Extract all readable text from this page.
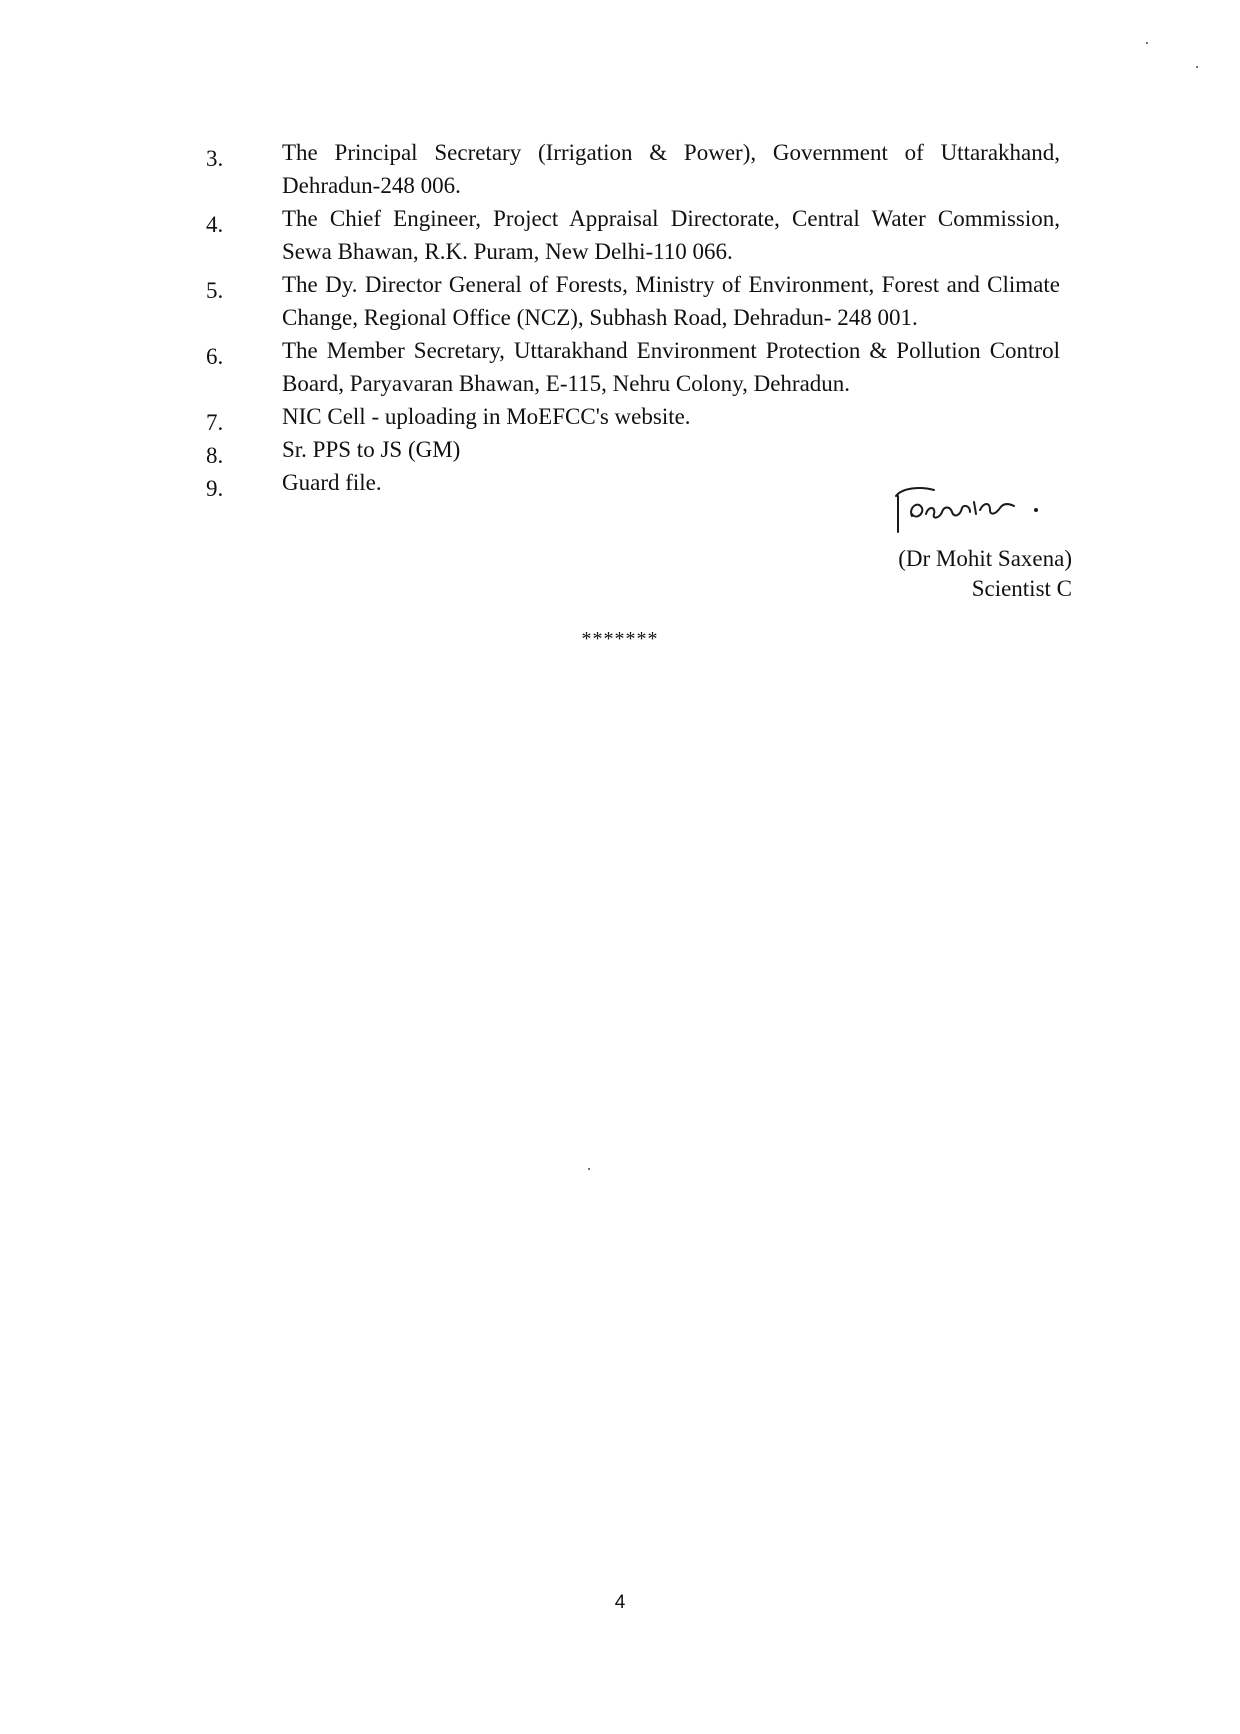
3.	The Principal Secretary (Irrigation & Power), Government of Uttarakhand, Dehradun-248 006.
4.	The Chief Engineer, Project Appraisal Directorate, Central Water Commission, Sewa Bhawan, R.K. Puram, New Delhi-110 066.
5.	The Dy. Director General of Forests, Ministry of Environment, Forest and Climate Change, Regional Office (NCZ), Subhash Road, Dehradun- 248 001.
6.	The Member Secretary, Uttarakhand Environment Protection & Pollution Control Board, Paryavaran Bhawan, E-115, Nehru Colony, Dehradun.
7.	NIC Cell - uploading in MoEFCC's website.
8.	Sr. PPS to JS (GM)
9.	Guard file.
(Dr Mohit Saxena)
Scientist C
*******
4
